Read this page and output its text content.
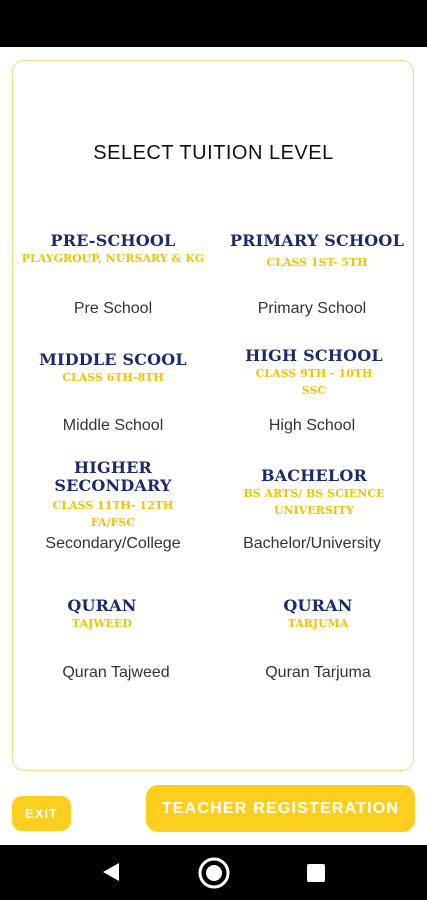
SELECT TUITION LEVEL
PRE-SCHOOL
PLAYGROUP, NURSARY & KG
Pre School
PRIMARY SCHOOL
CLASS 1ST- 5TH
Primary School
MIDDLE SCOOL
CLASS 6TH-8TH
Middle School
HIGH SCHOOL
CLASS 9TH - 10TH
SSC
High School
HIGHER SECONDARY
CLASS 11TH- 12TH
FA/FSC
Secondary/College
BACHELOR
BS ARTS/ BS SCIENCE
UNIVERSITY
Bachelor/University
QURAN
TAJWEED
Quran Tajweed
QURAN
TARJUMA
Quran Tarjuma
EXIT	TEACHER REGISTERATION
